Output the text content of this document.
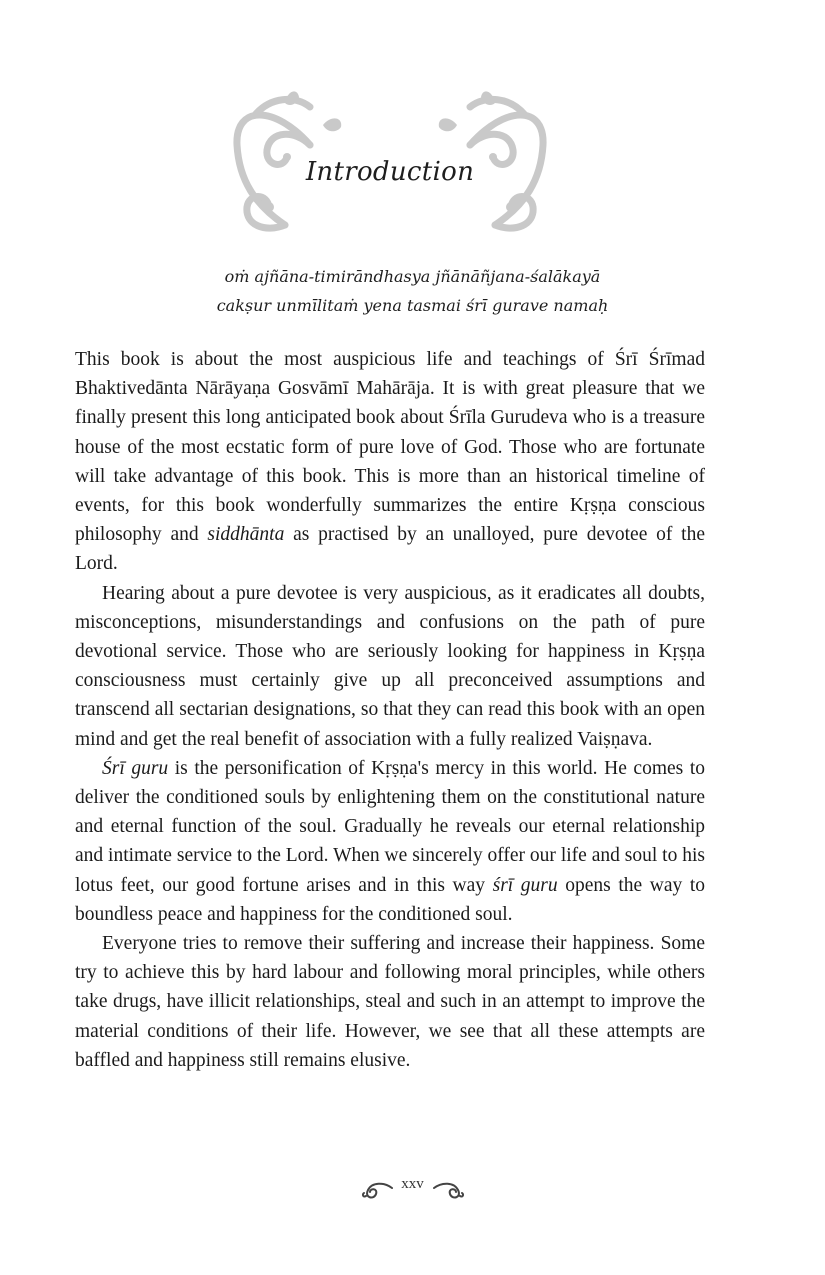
Introduction
oṁ ajñāna-timirāndhasya jñānāñjana-śalākayā
cakṣur unmīlitaṁ yena tasmai śrī gurave namaḥ

This book is about the most auspicious life and teachings of Śrī Śrīmad Bhaktivedānta Nārāyaṇa Gosvāmī Mahārāja. It is with great pleasure that we finally present this long anticipated book about Śrīla Gurudeva who is a treasure house of the most ecstatic form of pure love of God. Those who are fortunate will take advantage of this book. This is more than an historical timeline of events, for this book wonderfully summarizes the entire Kṛṣṇa conscious philosophy and siddhānta as practised by an unalloyed, pure devotee of the Lord.

Hearing about a pure devotee is very auspicious, as it eradicates all doubts, misconceptions, misunderstandings and confusions on the path of pure devotional service. Those who are seriously looking for happiness in Kṛṣṇa consciousness must certainly give up all preconceived assumptions and transcend all sectarian designations, so that they can read this book with an open mind and get the real benefit of association with a fully realized Vaiṣṇava.

Śrī guru is the personification of Kṛṣṇa's mercy in this world. He comes to deliver the conditioned souls by enlightening them on the constitutional nature and eternal function of the soul. Gradually he reveals our eternal relationship and intimate service to the Lord. When we sincerely offer our life and soul to his lotus feet, our good fortune arises and in this way śrī guru opens the way to boundless peace and happiness for the conditioned soul.

Everyone tries to remove their suffering and increase their happiness. Some try to achieve this by hard labour and following moral principles, while others take drugs, have illicit relationships, steal and such in an attempt to improve the material conditions of their life. However, we see that all these attempts are baffled and happiness still remains elusive.

xxv
